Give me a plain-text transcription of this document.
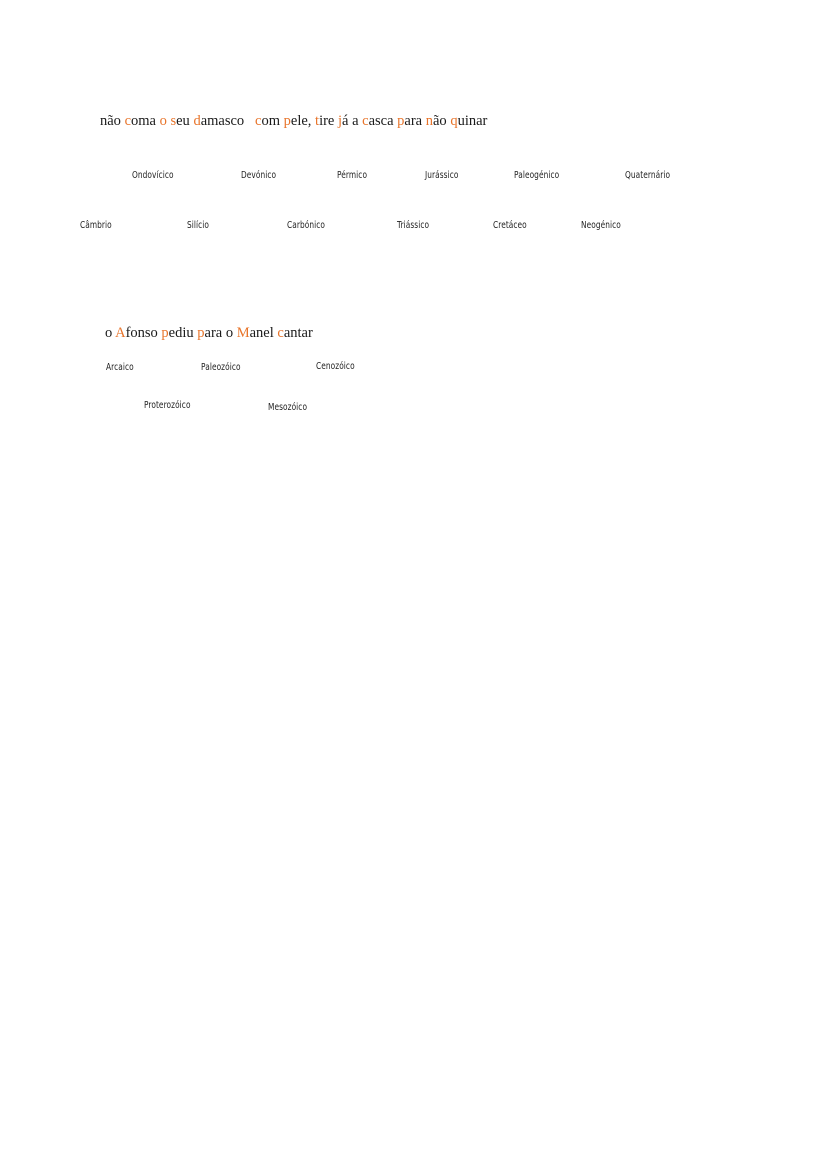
não coma o seu damasco   com pele, tire já a casca para não quinar
Ondovícico	Devónico	Pérmico	Jurássico	Paleogénico	Quaternário
Câmbrio	Silício	Carbónico	Triássico	Cretáceo	Neogénico
o Afonso pediu para o Manel cantar
Arcaico	Paleozóico	Cenozóico
Proterozóico	Mesozóico
